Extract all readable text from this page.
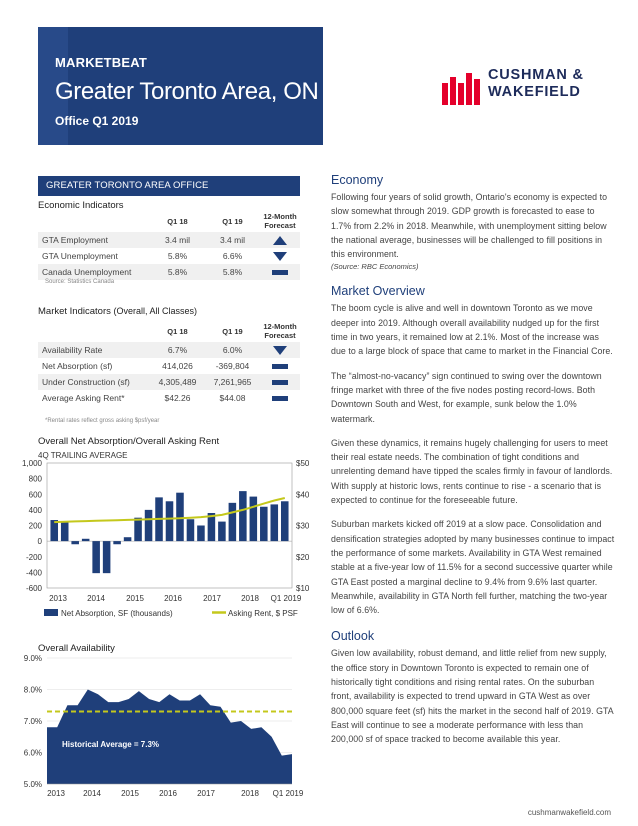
MARKETBEAT
Greater Toronto Area, ON
Office Q1 2019
CUSHMAN &
WAKEFIELD
GREATER TORONTO AREA OFFICE
Economic Indicators
	Q1 18	Q1 19	12-Month Forecast
GTA Employment	3.4 mil	3.4 mil	
GTA Unemployment	5.8%	6.6%	
Canada Unemployment	5.8%	5.8%	
Source: Statistics Canada
Market Indicators (Overall, All Classes)
	Q1 18	Q1 19	12-Month Forecast
Availability Rate	6.7%	6.0%	
Net Absorption (sf)	414,026	-369,804	
Under Construction (sf)	4,305,489	7,261,965	
Average Asking Rent*	$42.26	$44.08	
*Rental rates reflect gross asking $psf/year
Overall Net Absorption/Overall Asking Rent
4Q TRAILING AVERAGE
1,000
800
600
400
200
0
-200
-400
-600
$50
$40
$30
$20
$10
2013	2014	2015	2016	2017	2018 Q1 2019
Net Absorption, SF (thousands)	Asking Rent, $ PSF
Overall Availability
9.0%
8.0%
7.0%
6.0%
5.0%
Historical Average = 7.3%
2013 2014	2015	2016	2017	2018 Q1 2019
Economy
Following four years of solid growth, Ontario's economy is expected to slow somewhat through 2019. GDP growth is forecasted to ease to 1.7% from 2.2% in 2018. Meanwhile, with unemployment sitting below the national average, businesses will be challenged to fill positions in this environment.
(Source: RBC Economics)
Market Overview
The boom cycle is alive and well in downtown Toronto as we move deeper into 2019. Although overall availability nudged up for the first time in two years, it remained low at 2.1%. Most of the increase was due to a large block of space that came to market in the Financial Core.
The “almost-no-vacancy” sign continued to swing over the downtown fringe market with three of the five nodes posting record-lows. Both Downtown South and West, for example, sunk below the 1.0% watermark.
Given these dynamics, it remains hugely challenging for users to meet their real estate needs. The combination of tight conditions and unrelenting demand have tipped the scales firmly in favour of landlords. With supply at historic lows, rents continue to rise - a scenario that is expected to continue for the foreseeable future.
Suburban markets kicked off 2019 at a slow pace. Consolidation and densification strategies adopted by many businesses continue to impact the performance of some markets. Availability in GTA West remained stable at a five-year low of 11.5% for a second successive quarter while GTA East posted a marginal decline to 9.4% from 9.6% last quarter. Meanwhile, availability in GTA North fell further, matching the two-year low of 6.6%.
Outlook
Given low availability, robust demand, and little relief from new supply, the office story in Downtown Toronto is expected to remain one of historically tight conditions and rising rental rates. On the suburban front, availability is expected to trend upward in GTA West as over 800,000 square feet (sf) hits the market in the second half of 2019. GTA East will continue to see a moderate performance with less than 200,000 sf of space tracked to become available this year.
cushmanwakefield.com
